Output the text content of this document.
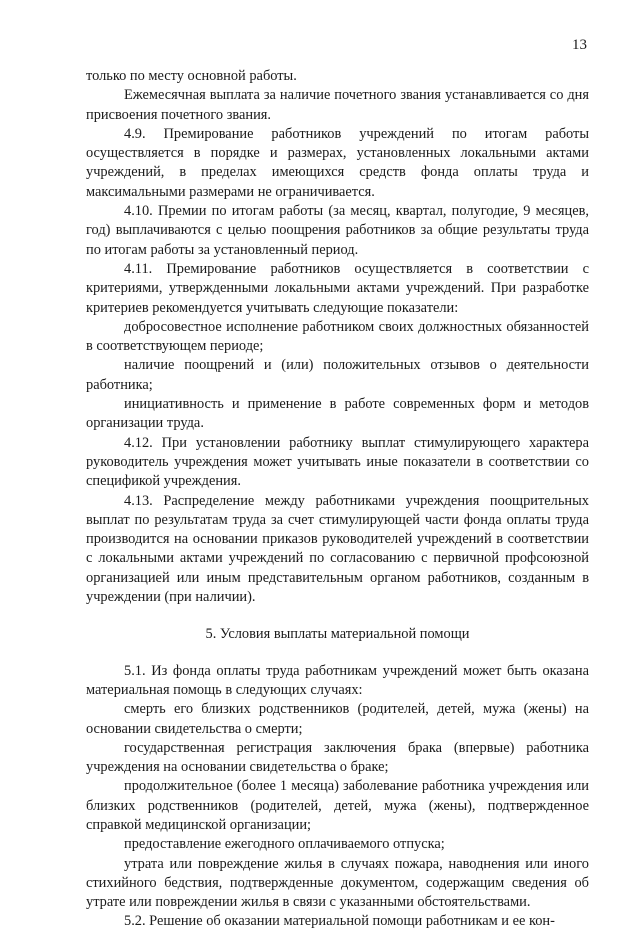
13

только по месту основной работы.

Ежемесячная выплата за наличие почетного звания устанавливается со дня присвоения почетного звания.

4.9. Премирование работников учреждений по итогам работы осуществляется в порядке и размерах, установленных локальными актами учреждений, в пределах имеющихся средств фонда оплаты труда и максимальными размерами не ограничивается.

4.10. Премии по итогам работы (за месяц, квартал, полугодие, 9 месяцев, год) выплачиваются с целью поощрения работников за общие результаты труда по итогам работы за установленный период.

4.11. Премирование работников осуществляется в соответствии с критериями, утвержденными локальными актами учреждений. При разработке критериев рекомендуется учитывать следующие показатели:

добросовестное исполнение работником своих должностных обязанностей в соответствующем периоде;

наличие поощрений и (или) положительных отзывов о деятельности работника;

инициативность и применение в работе современных форм и методов организации труда.

4.12. При установлении работнику выплат стимулирующего характера руководитель учреждения может учитывать иные показатели в соответствии со спецификой учреждения.

4.13. Распределение между работниками учреждения поощрительных выплат по результатам труда за счет стимулирующей части фонда оплаты труда производится на основании приказов руководителей учреждений в соответствии с локальными актами учреждений по согласованию с первичной профсоюзной организацией или иным представительным органом работников, созданным в учреждении (при наличии).

5. Условия выплаты материальной помощи

5.1. Из фонда оплаты труда работникам учреждений может быть оказана материальная помощь в следующих случаях:

смерть его близких родственников (родителей, детей, мужа (жены) на основании свидетельства о смерти;

государственная регистрация заключения брака (впервые) работника учреждения на основании свидетельства о браке;

продолжительное (более 1 месяца) заболевание работника учреждения или близких родственников (родителей, детей, мужа (жены), подтвержденное справкой медицинской организации;

предоставление ежегодного оплачиваемого отпуска;

утрата или повреждение жилья в случаях пожара, наводнения или иного стихийного бедствия, подтвержденные документом, содержащим сведения об утрате или повреждении жилья в связи с указанными обстоятельствами.

5.2. Решение об оказании материальной помощи работникам и ее кон-
